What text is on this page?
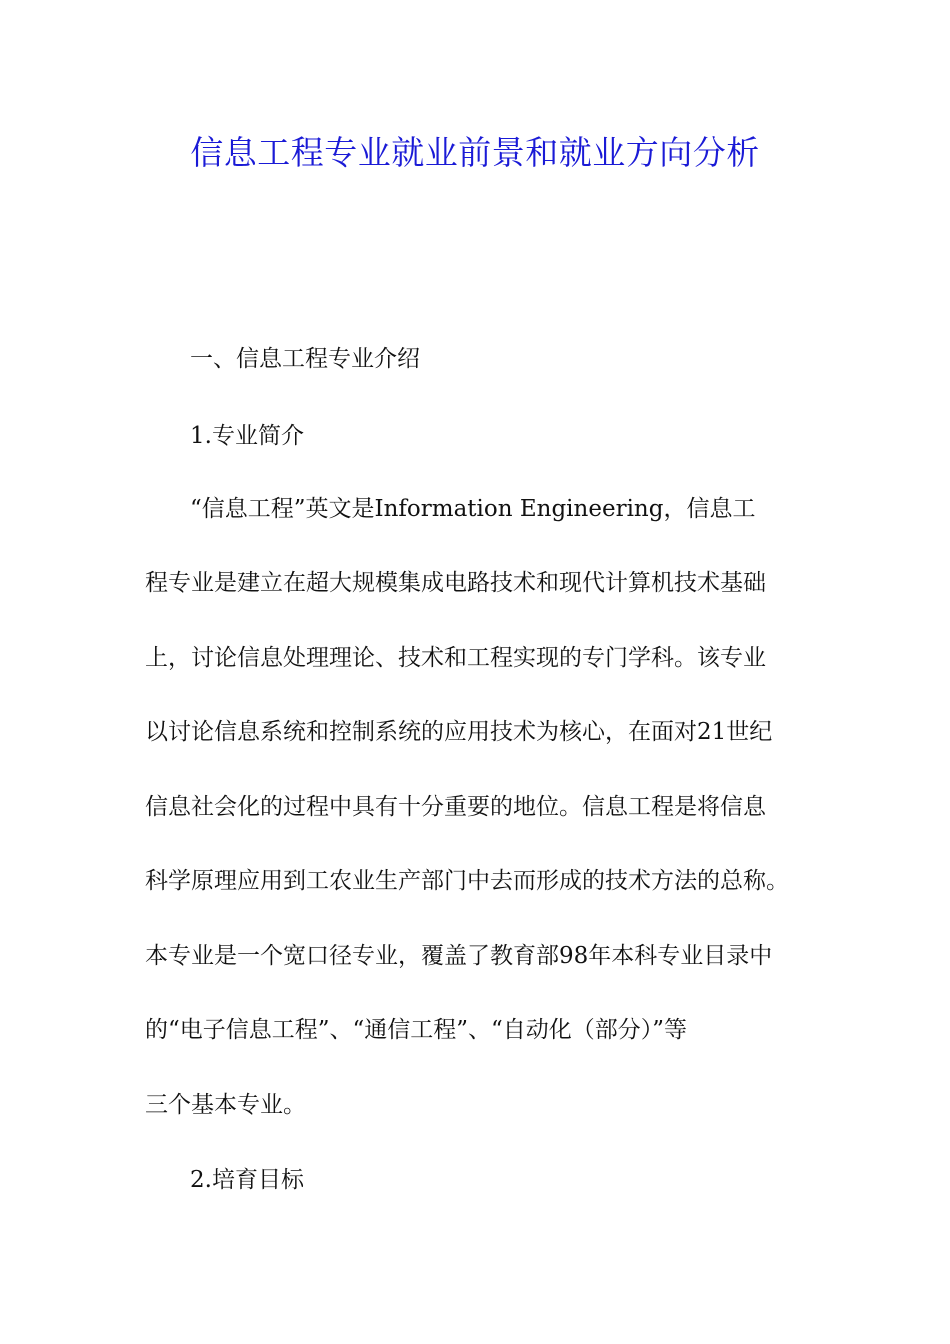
信息工程专业就业前景和就业方向分析
一、信息工程专业介绍
1.专业简介
“信息工程”英文是Information Engineering，信息工
程专业是建立在超大规模集成电路技术和现代计算机技术基础
上，讨论信息处理理论、技术和工程实现的专门学科。该专业
以讨论信息系统和控制系统的应用技术为核心，在面对21世纪
信息社会化的过程中具有十分重要的地位。信息工程是将信息
科学原理应用到工农业生产部门中去而形成的技术方法的总称。
本专业是一个宽口径专业，覆盖了教育部98年本科专业目录中
的“电子信息工程”、“通信工程”、“自动化（部分）”等
三个基本专业。
2.培育目标
